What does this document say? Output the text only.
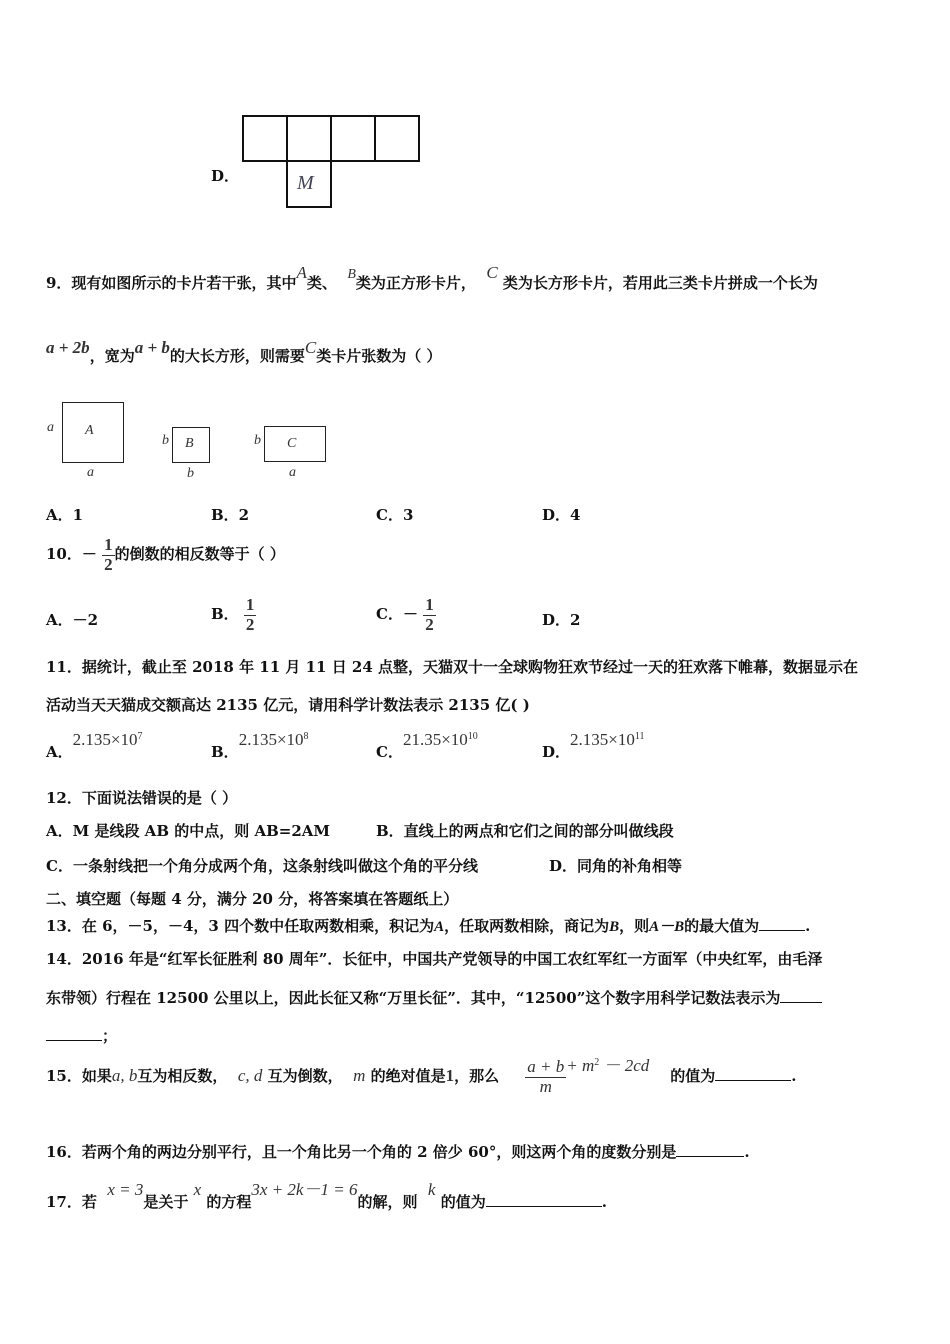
D．	M
9．现有如图所示的卡片若干张，其中A类、 B类为正方形卡片，  C 类为长方形卡片，若用此三类卡片拼成一个长为
a + 2b，宽为a + b的大长方形，则需要C类卡片张数为（ ）
a A
a
b B
b
b C
a
A．1	B．2	C．3	D．4
10．－ $\frac{1}{2}$ 的倒数的相反数等于（ ）
A．－2	B． $\frac{1}{2}$	C．－ $\frac{1}{2}$	D．2
11．据统计，截止至 2018 年 11 月 11 日 24 点整，天猫双十一全球购物狂欢节经过一天的狂欢落下帷幕，数据显示在
活动当天天猫成交额高达 2135 亿元，请用科学计数法表示 2135 亿( )
A．$2.135\times 10^7$
B．$2.135\times 10^8$
C．$21.35\times 10^{10}$
D．$2.135\times 10^{11}$
12．下面说法错误的是（ ）
A．M 是线段 AB 的中点，则 AB=2AM	B．直线上的两点和它们之间的部分叫做线段
C．一条射线把一个角分成两个角，这条射线叫做这个角的平分线	D．同角的补角相等
二、填空题（每题 4 分，满分 20 分，将答案填在答题纸上）
13．在 6，－5，－4，3 四个数中任取两数相乘，积记为A，任取两数相除，商记为B，则A－B的最大值为	.
14．2016 年是“红军长征胜利 80 周年”．长征中，中国共产党领导的中国工农红军红一方面军（中央红军，由毛泽
东带领）行程在 12500 公里以上，因此长征又称“万里长征”．其中，“12500”这个数字用科学记数法表示为
；
15．如果a, b互为相反数， c, d 互为倒数， m 的绝对值是1，那么 $\frac{a + b}{m} + m^2 - 2cd$    的值为	.
16．若两个角的两边分别平行，且一个角比另一个角的 2 倍少 60°，则这两个角的度数分别是	.
17．若  x = 3是关于 x 的方程3x + 2k－1 = 6的解，则  k 的值为	.
